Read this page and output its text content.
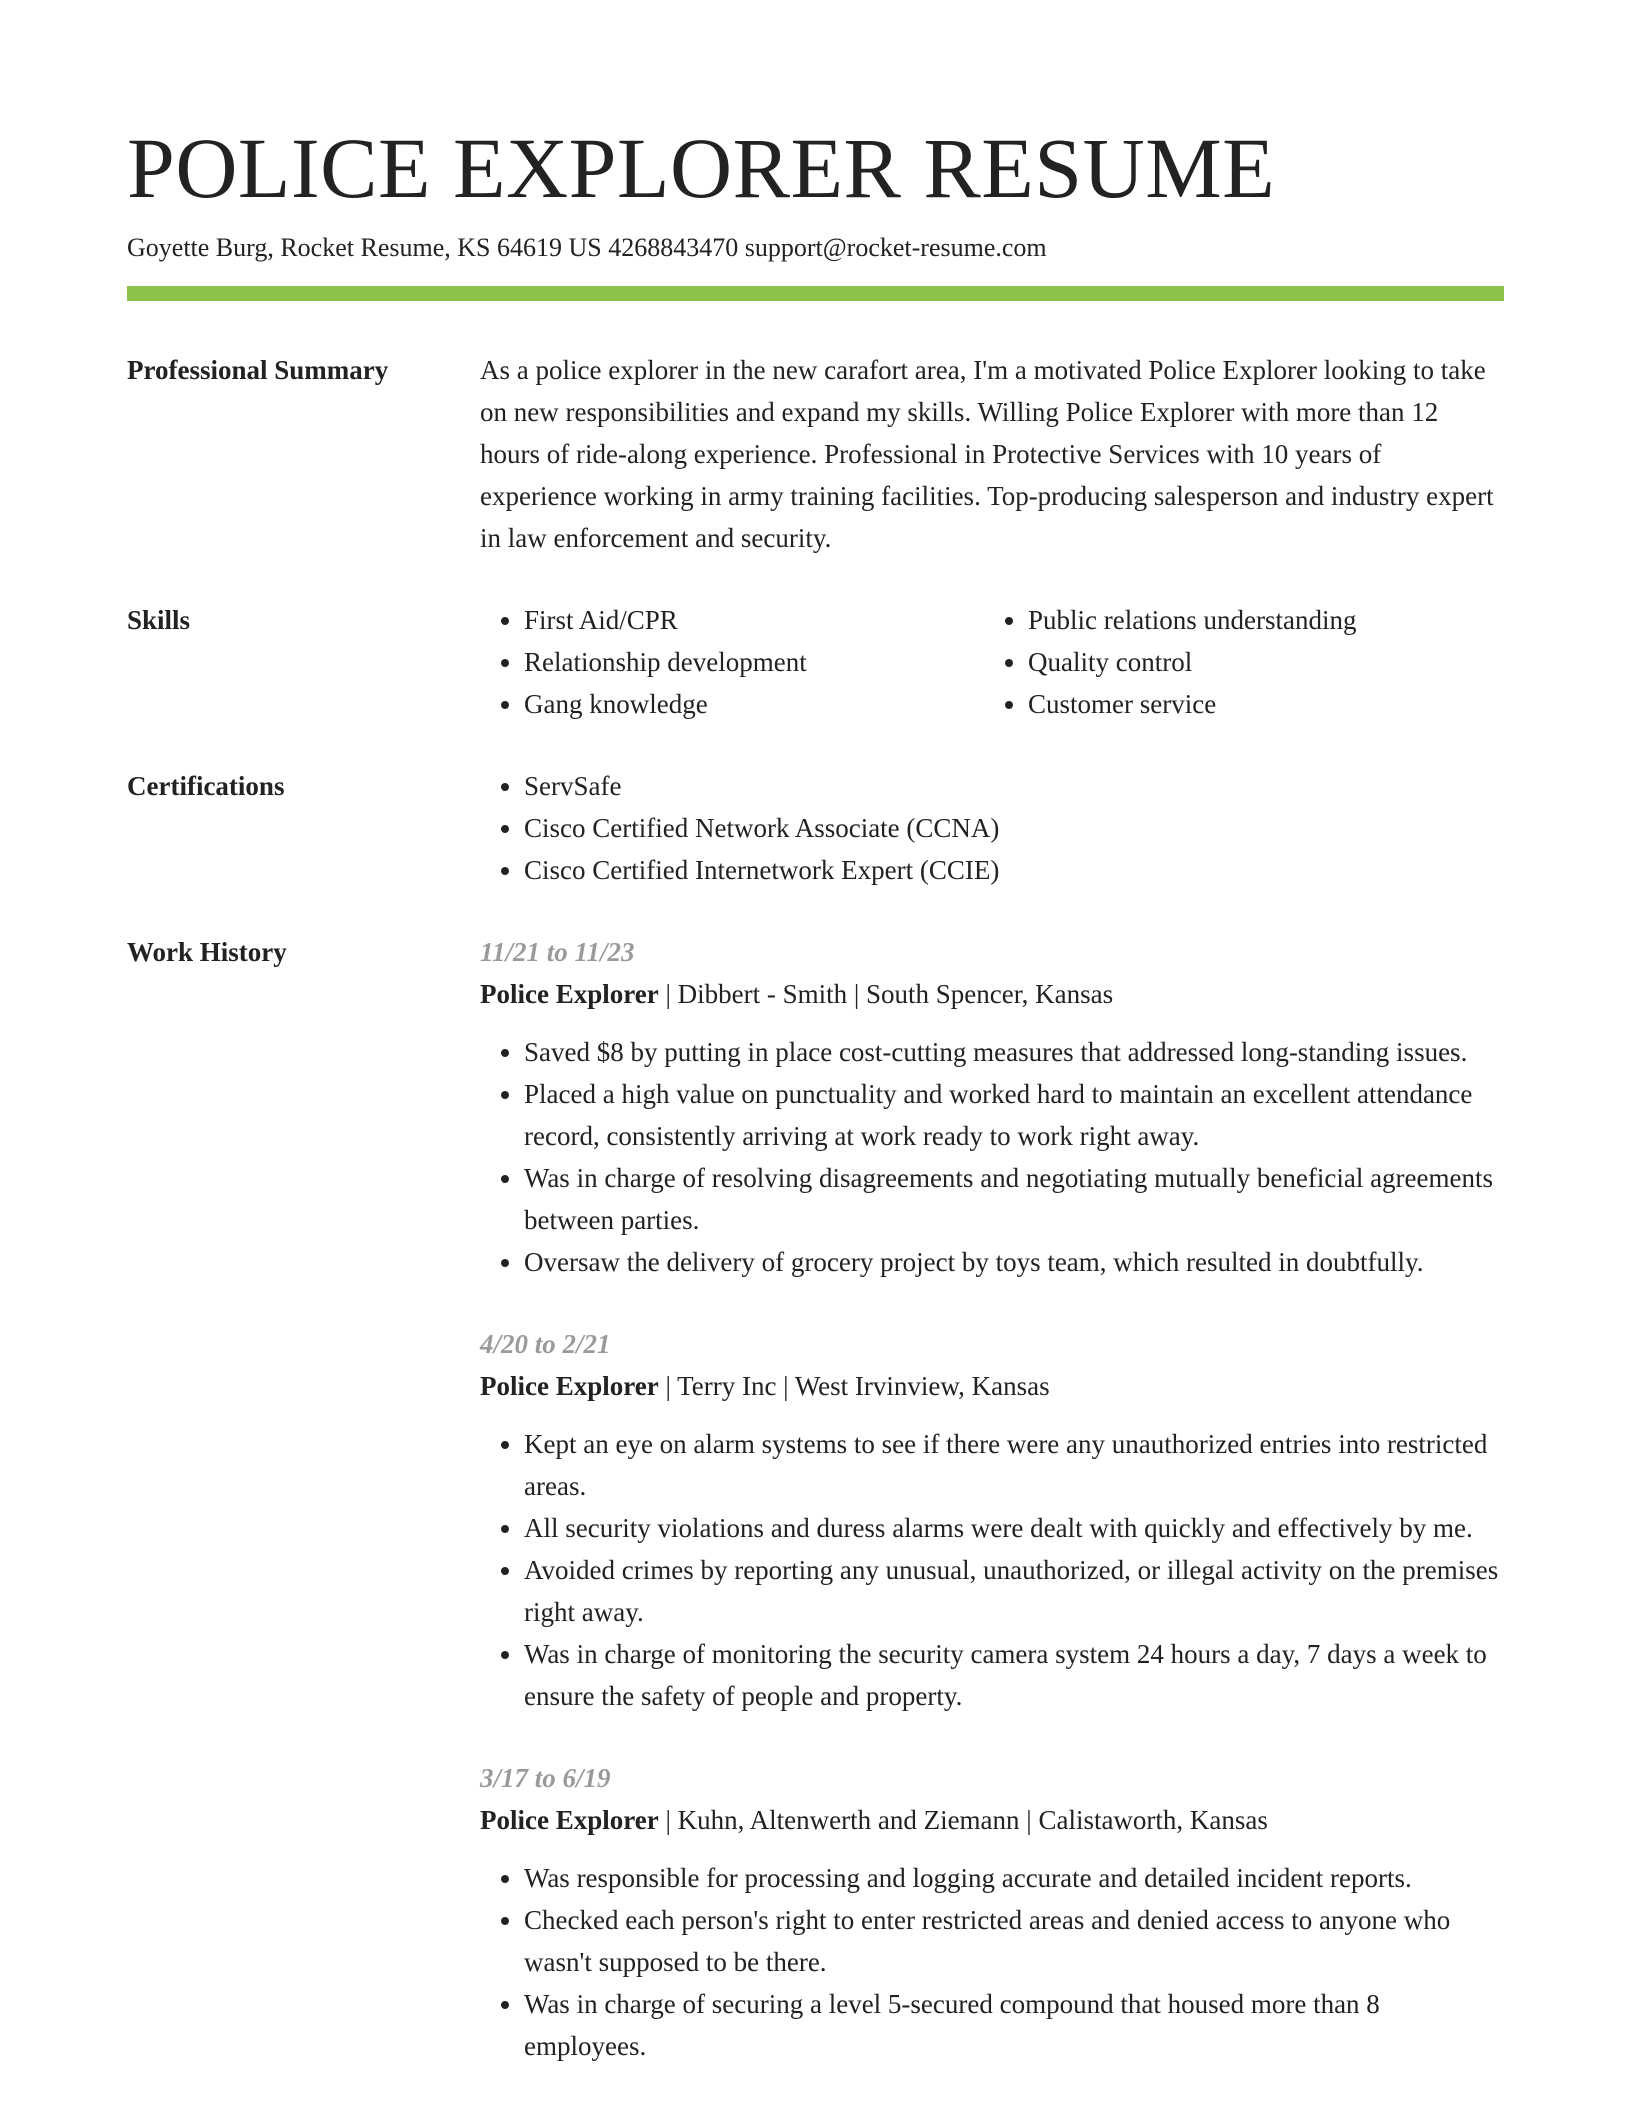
POLICE EXPLORER RESUME
Goyette Burg, Rocket Resume, KS 64619 US 4268843470 support@rocket-resume.com
Professional Summary	As a police explorer in the new carafort area, I'm a motivated Police Explorer looking to take on new responsibilities and expand my skills. Willing Police Explorer with more than 12 hours of ride-along experience. Professional in Protective Services with 10 years of experience working in army training facilities. Top-producing salesperson and industry expert in law enforcement and security.

Skills	• First Aid/CPR
• Relationship development
• Gang knowledge
• Public relations understanding
• Quality control
• Customer service
Certifications	• ServSafe
• Cisco Certified Network Associate (CCNA)
• Cisco Certified Internetwork Expert (CCIE)
Work History	11/21 to 11/23
Police Explorer | Dibbert - Smith | South Spencer, Kansas
• Saved $8 by putting in place cost-cutting measures that addressed long-standing issues.
• Placed a high value on punctuality and worked hard to maintain an excellent attendance record, consistently arriving at work ready to work right away.
• Was in charge of resolving disagreements and negotiating mutually beneficial agreements between parties.
• Oversaw the delivery of grocery project by toys team, which resulted in doubtfully.
4/20 to 2/21
Police Explorer | Terry Inc | West Irvinview, Kansas
• Kept an eye on alarm systems to see if there were any unauthorized entries into restricted areas.
• All security violations and duress alarms were dealt with quickly and effectively by me.
• Avoided crimes by reporting any unusual, unauthorized, or illegal activity on the premises right away.
• Was in charge of monitoring the security camera system 24 hours a day, 7 days a week to ensure the safety of people and property.
3/17 to 6/19
Police Explorer | Kuhn, Altenwerth and Ziemann | Calistaworth, Kansas
• Was responsible for processing and logging accurate and detailed incident reports.
• Checked each person's right to enter restricted areas and denied access to anyone who wasn't supposed to be there.
• Was in charge of securing a level 5-secured compound that housed more than 8 employees.
